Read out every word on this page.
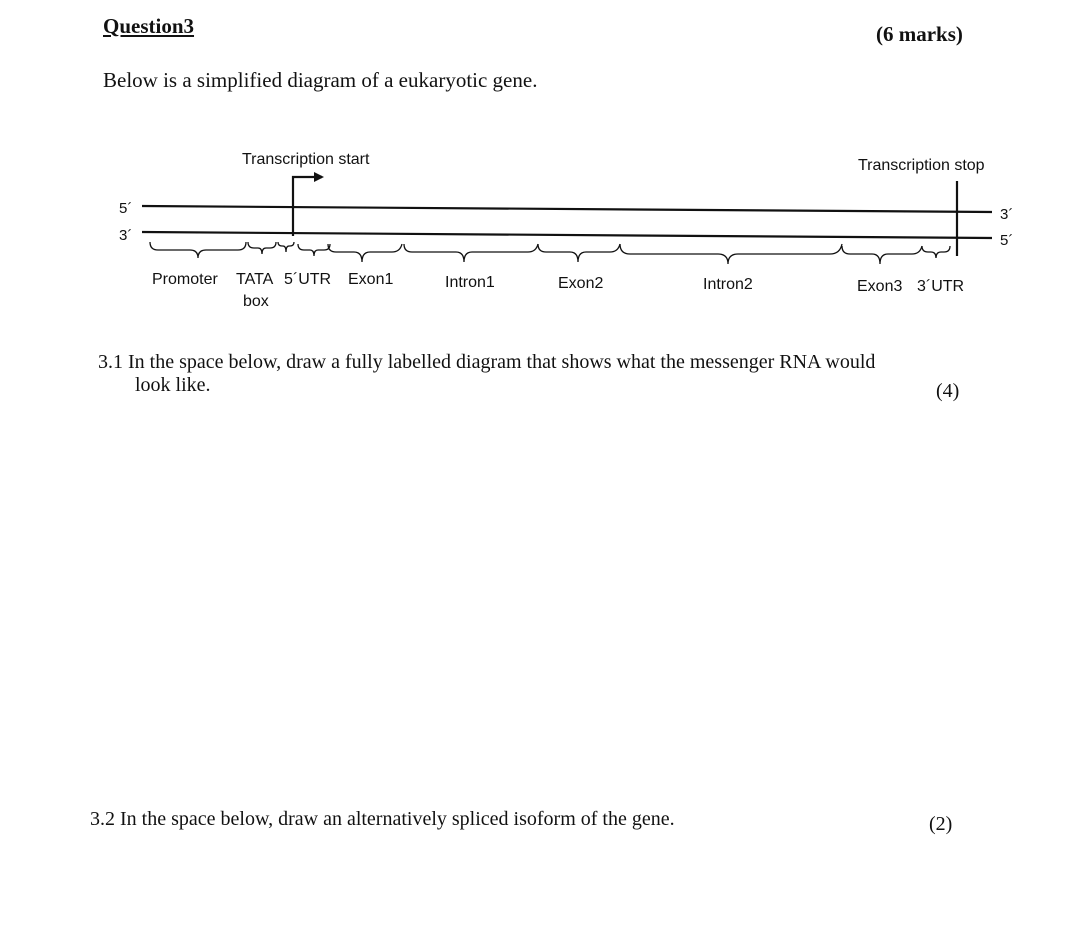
Question3	(6 marks)
Below is a simplified diagram of a eukaryotic gene.
5´
3´
3´
5´
Transcription start	Transcription stop
Promoter TATA
box
5´UTR Exon1	Intron1	Exon2	Intron2	Exon3 3´UTR
3.1 In the space below, draw a fully labelled diagram that shows what the messenger RNA would
look like.	(4)
3.2 In the space below, draw an alternatively spliced isoform of the gene.	(2)
